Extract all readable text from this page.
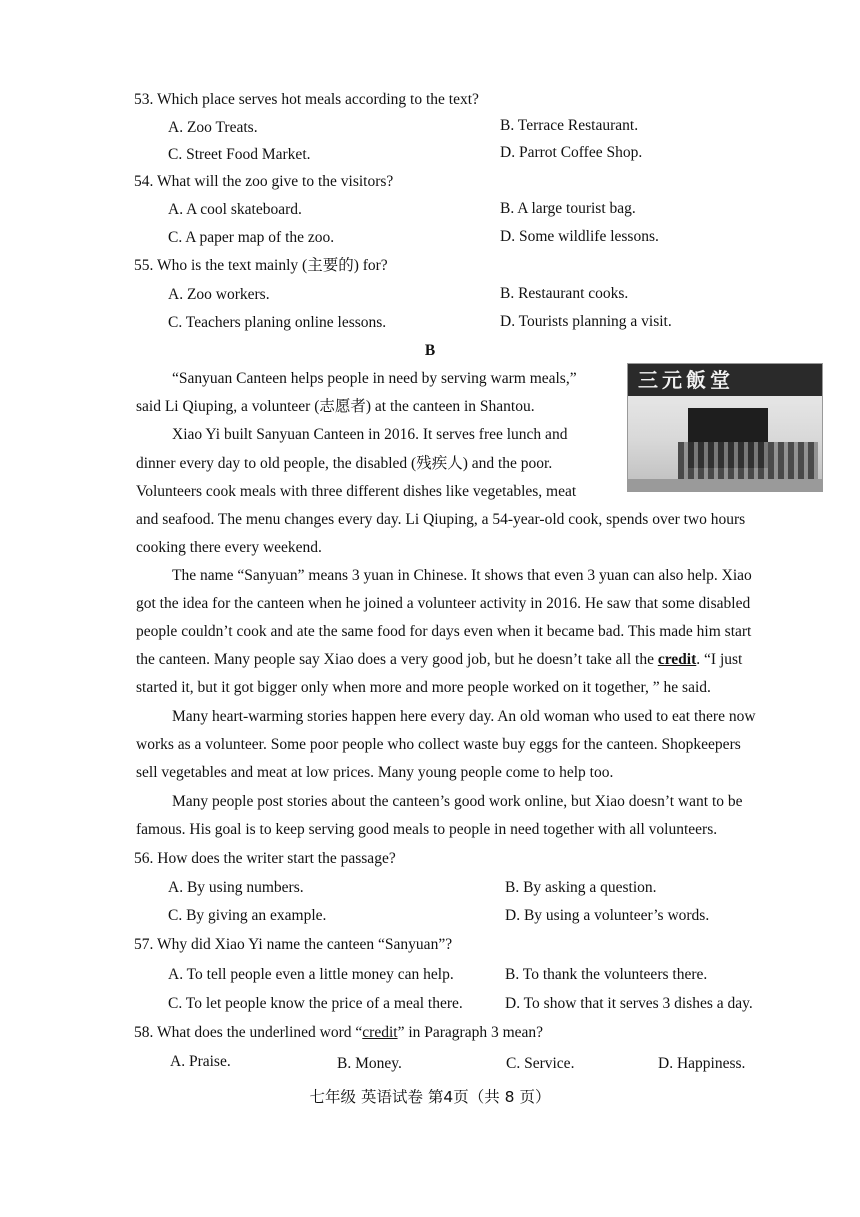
53. Which place serves hot meals according to the text?
A. Zoo Treats.	B. Terrace Restaurant.
C. Street Food Market.	D. Parrot Coffee Shop.
54. What will the zoo give to the visitors?
A. A cool skateboard.	B. A large tourist bag.
C. A paper map of the zoo.	D. Some wildlife lessons.
55. Who is the text mainly (主要的) for?
A. Zoo workers.	B. Restaurant cooks.
C. Teachers planing online lessons.	D. Tourists planning a visit.
B
三元飯堂
“Sanyuan Canteen helps people in need by serving warm meals,”
said Li Qiuping, a volunteer (志愿者) at the canteen in Shantou.
Xiao Yi built Sanyuan Canteen in 2016. It serves free lunch and
dinner every day to old people, the disabled (残疾人) and the poor.
Volunteers cook meals with three different dishes like vegetables, meat
and seafood. The menu changes every day. Li Qiuping, a 54-year-old cook, spends over two hours
cooking there every weekend.
The name “Sanyuan” means 3 yuan in Chinese. It shows that even 3 yuan can also help. Xiao
got the idea for the canteen when he joined a volunteer activity in 2016. He saw that some disabled
people couldn’t cook and ate the same food for days even when it became bad. This made him start
the canteen. Many people say Xiao does a very good job, but he doesn’t take all the credit. “I just
started it, but it got bigger only when more and more people worked on it together, ” he said.
Many heart-warming stories happen here every day. An old woman who used to eat there now
works as a volunteer. Some poor people who collect waste buy eggs for the canteen. Shopkeepers
sell vegetables and meat at low prices. Many young people come to help too.
Many people post stories about the canteen’s good work online, but Xiao doesn’t want to be
famous. His goal is to keep serving good meals to people in need together with all volunteers.
56. How does the writer start the passage?
A. By using numbers.	B. By asking a question.
C. By giving an example.	D. By using a volunteer’s words.
57. Why did Xiao Yi name the canteen “Sanyuan”?
A. To tell people even a little money can help.	B. To thank the volunteers there.
C. To let people know the price of a meal there.	D. To show that it serves 3 dishes a day.
58. What does the underlined word “credit” in Paragraph 3 mean?
A. Praise.	B. Money.	C. Service.	D. Happiness.
七年级 英语试卷 第4页（共 8 页）
